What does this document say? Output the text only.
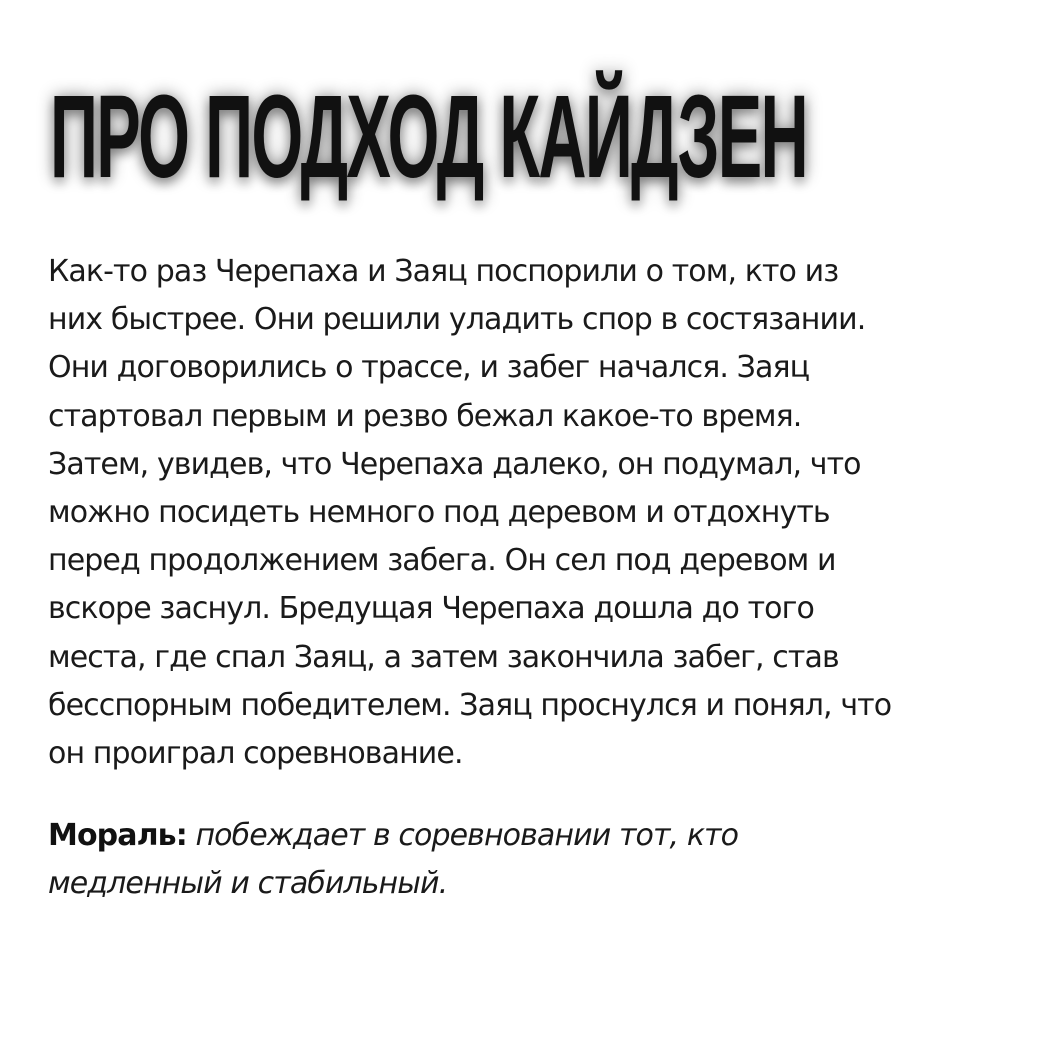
ПРО ПОДХОД КАЙДЗЕН
Как-то раз Черепаха и Заяц поспорили о том, кто из
них быстрее. Они решили уладить спор в состязании.
Они договорились о трассе, и забег начался. Заяц
стартовал первым и резво бежал какое-то время.
Затем, увидев, что Черепаха далеко, он подумал, что
можно посидеть немного под деревом и отдохнуть
перед продолжением забега. Он сел под деревом и
вскоре заснул. Бредущая Черепаха дошла до того
места, где спал Заяц, а затем закончила забег, став
бесспорным победителем. Заяц проснулся и понял, что
он проиграл соревнование.
Мораль: побеждает в соревновании тот, кто
медленный и стабильный.
